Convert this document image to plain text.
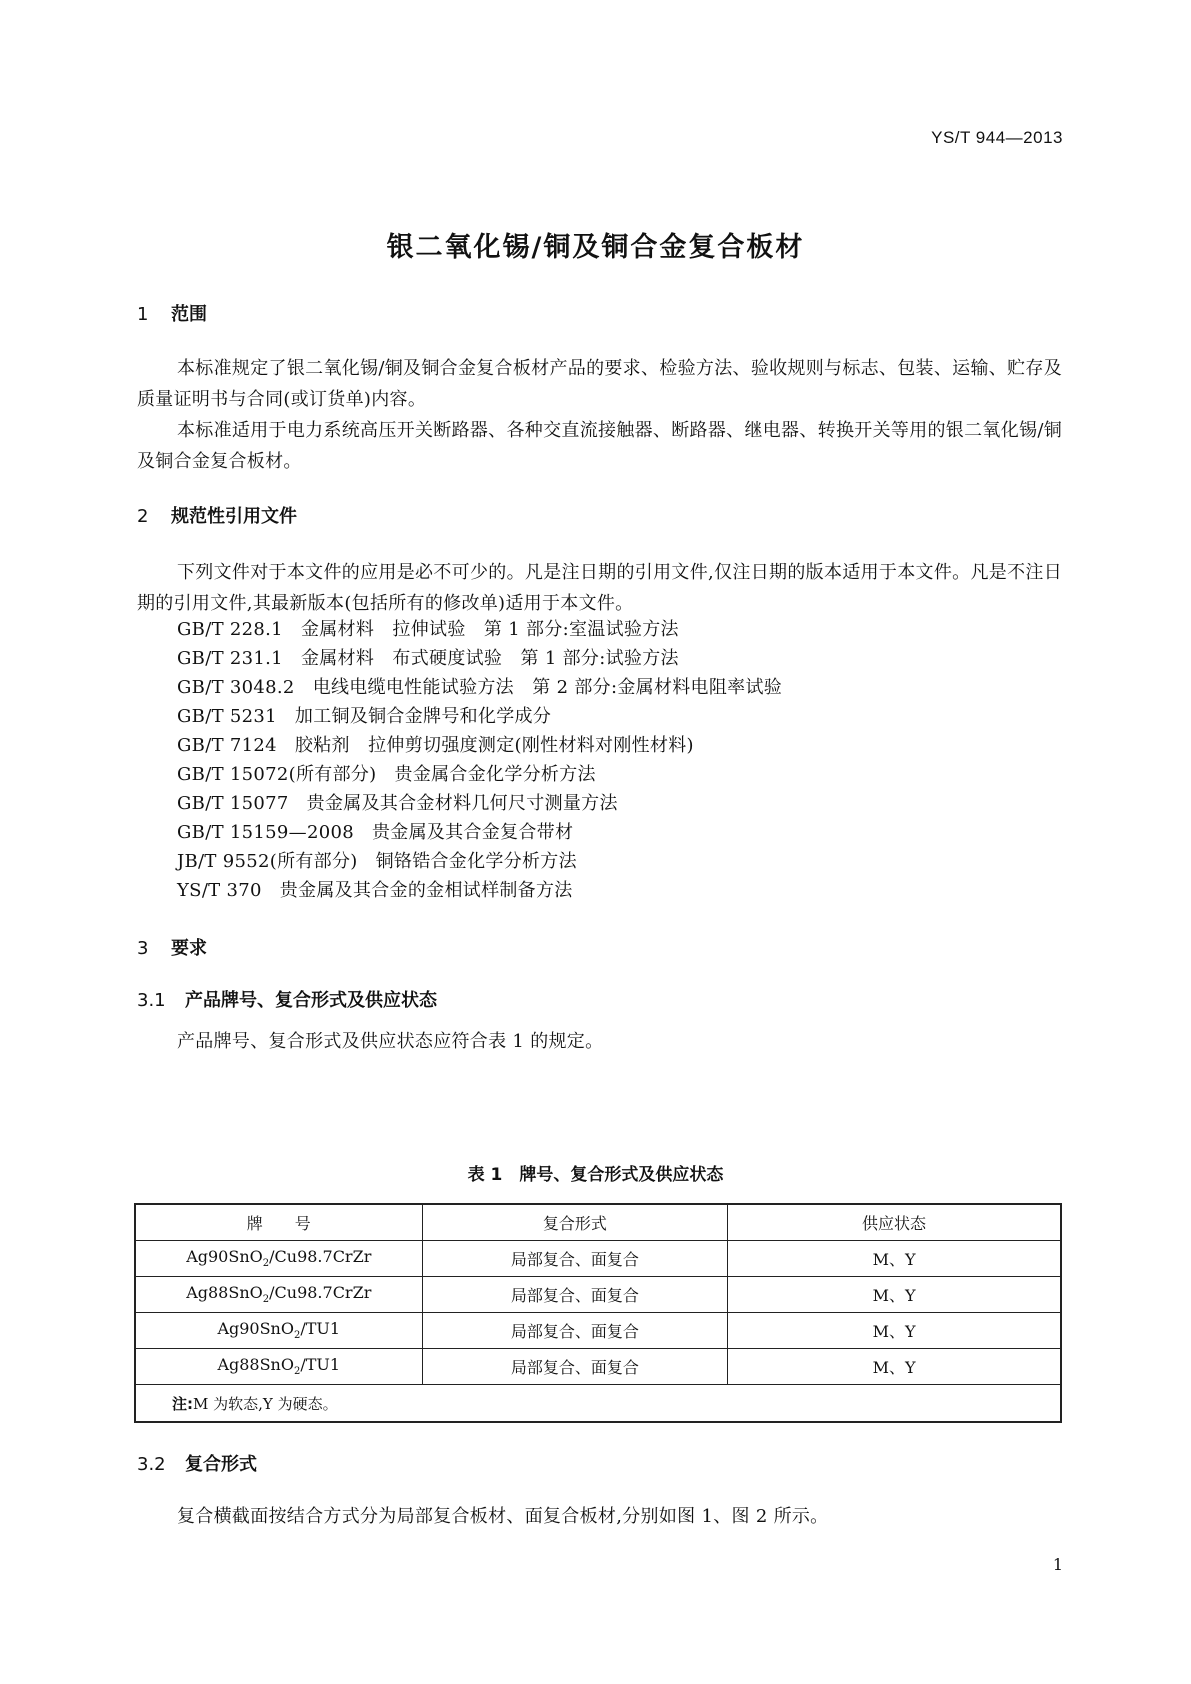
YS/T 944—2013
银二氧化锡/铜及铜合金复合板材
1 范围
本标准规定了银二氧化锡/铜及铜合金复合板材产品的要求、检验方法、验收规则与标志、包装、运输、贮存及质量证明书与合同(或订货单)内容。
本标准适用于电力系统高压开关断路器、各种交直流接触器、断路器、继电器、转换开关等用的银二氧化锡/铜及铜合金复合板材。
2 规范性引用文件
下列文件对于本文件的应用是必不可少的。凡是注日期的引用文件,仅注日期的版本适用于本文件。凡是不注日期的引用文件,其最新版本(包括所有的修改单)适用于本文件。
GB/T 228.1 金属材料　拉伸试验　第 1 部分:室温试验方法
GB/T 231.1 金属材料　布式硬度试验　第 1 部分:试验方法
GB/T 3048.2 电线电缆电性能试验方法　第 2 部分:金属材料电阻率试验
GB/T 5231 加工铜及铜合金牌号和化学成分
GB/T 7124 胶粘剂　拉伸剪切强度测定(刚性材料对刚性材料)
GB/T 15072(所有部分) 贵金属合金化学分析方法
GB/T 15077 贵金属及其合金材料几何尺寸测量方法
GB/T 15159—2008 贵金属及其合金复合带材
JB/T 9552(所有部分) 铜铬锆合金化学分析方法
YS/T 370 贵金属及其合金的金相试样制备方法
3 要求
3.1 产品牌号、复合形式及供应状态
产品牌号、复合形式及供应状态应符合表 1 的规定。
表 1　牌号、复合形式及供应状态
牌　　号	复合形式	供应状态
Ag90SnO$_2$/Cu98.7CrZr	局部复合、面复合	M、Y
Ag88SnO$_2$/Cu98.7CrZr	局部复合、面复合	M、Y
Ag90SnO$_2$/TU1	局部复合、面复合	M、Y
Ag88SnO$_2$/TU1	局部复合、面复合	M、Y
注:M 为软态,Y 为硬态。		
3.2 复合形式
复合横截面按结合方式分为局部复合板材、面复合板材,分别如图 1、图 2 所示。
1
